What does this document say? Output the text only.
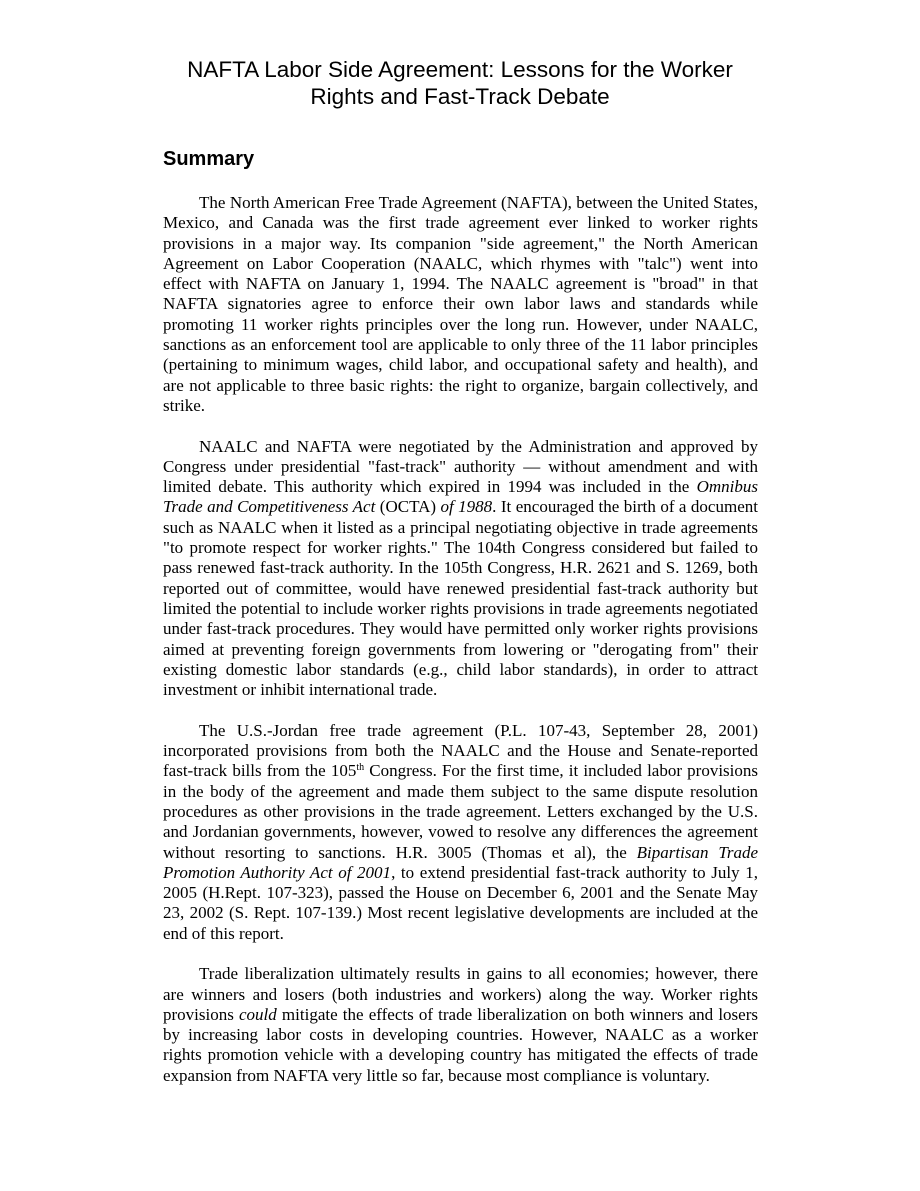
NAFTA Labor Side Agreement: Lessons for the Worker
Rights and Fast-Track Debate
Summary

The North American Free Trade Agreement (NAFTA), between the United States, Mexico, and Canada was the first trade agreement ever linked to worker rights provisions in a major way. Its companion "side agreement," the North American Agreement on Labor Cooperation (NAALC, which rhymes with "talc") went into effect with NAFTA on January 1, 1994. The NAALC agreement is "broad" in that NAFTA signatories agree to enforce their own labor laws and standards while promoting 11 worker rights principles over the long run. However, under NAALC, sanctions as an enforcement tool are applicable to only three of the 11 labor principles (pertaining to minimum wages, child labor, and occupational safety and health), and are not applicable to three basic rights: the right to organize, bargain collectively, and strike.

NAALC and NAFTA were negotiated by the Administration and approved by Congress under presidential "fast-track" authority — without amendment and with limited debate. This authority which expired in 1994 was included in the Omnibus Trade and Competitiveness Act (OCTA) of 1988. It encouraged the birth of a document such as NAALC when it listed as a principal negotiating objective in trade agreements "to promote respect for worker rights." The 104th Congress considered but failed to pass renewed fast-track authority. In the 105th Congress, H.R. 2621 and S. 1269, both reported out of committee, would have renewed presidential fast-track authority but limited the potential to include worker rights provisions in trade agreements negotiated under fast-track procedures. They would have permitted only worker rights provisions aimed at preventing foreign governments from lowering or "derogating from" their existing domestic labor standards (e.g., child labor standards), in order to attract investment or inhibit international trade.

The U.S.-Jordan free trade agreement (P.L. 107-43, September 28, 2001) incorporated provisions from both the NAALC and the House and Senate-reported fast-track bills from the 105th Congress. For the first time, it included labor provisions in the body of the agreement and made them subject to the same dispute resolution procedures as other provisions in the trade agreement. Letters exchanged by the U.S. and Jordanian governments, however, vowed to resolve any differences the agreement without resorting to sanctions. H.R. 3005 (Thomas et al), the Bipartisan Trade Promotion Authority Act of 2001, to extend presidential fast-track authority to July 1, 2005 (H.Rept. 107-323), passed the House on December 6, 2001 and the Senate May 23, 2002 (S. Rept. 107-139.) Most recent legislative developments are included at the end of this report.

Trade liberalization ultimately results in gains to all economies; however, there are winners and losers (both industries and workers) along the way. Worker rights provisions could mitigate the effects of trade liberalization on both winners and losers by increasing labor costs in developing countries. However, NAALC as a worker rights promotion vehicle with a developing country has mitigated the effects of trade expansion from NAFTA very little so far, because most compliance is voluntary.
